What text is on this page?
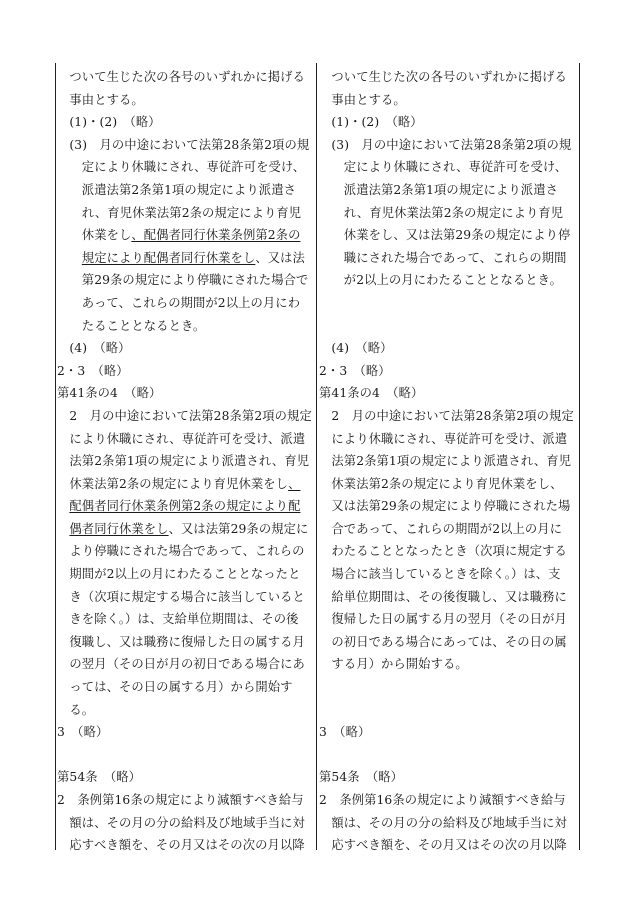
　ついて生じた次の各号のいずれかに掲げる
　事由とする。
　(1)・(2)　（略）
　(3)　月の中途において法第28条第2項の規
　　定により休職にされ、専従許可を受け、
　　派遣法第2条第1項の規定により派遣さ
　　れ、育児休業法第2条の規定により育児
　　休業をし、配偶者同行休業条例第2条の
　　規定により配偶者同行休業をし、又は法
　　第29条の規定により停職にされた場合で
　　あって、これらの期間が2以上の月にわ
　　たることとなるとき。
　(4)　（略）
2・3　（略）
第41条の4　（略）
　2　月の中途において法第28条第2項の規定
　により休職にされ、専従許可を受け、派遣
　法第2条第1項の規定により派遣され、育児
　休業法第2条の規定により育児休業をし、
　配偶者同行休業条例第2条の規定により配
　偶者同行休業をし、又は法第29条の規定に
　より停職にされた場合であって、これらの
　期間が2以上の月にわたることとなったと
　き（次項に規定する場合に該当していると
　きを除く。）は、支給単位期間は、その後
　復職し、又は職務に復帰した日の属する月
　の翌月（その日が月の初日である場合にあ
　っては、その日の属する月）から開始す
　る。
3　（略）
第54条　（略）
2　条例第16条の規定により減額すべき給与
　額は、その月の分の給料及び地域手当に対
　応すべき額を、その月又はその次の月以降
　ついて生じた次の各号のいずれかに掲げる
　事由とする。
　(1)・(2)　（略）
　(3)　月の中途において法第28条第2項の規
　　定により休職にされ、専従許可を受け、
　　派遣法第2条第1項の規定により派遣さ
　　れ、育児休業法第2条の規定により育児
　　休業をし、又は法第29条の規定により停
　　職にされた場合であって、これらの期間
　　が2以上の月にわたることとなるとき。
　(4)　（略）
2・3　（略）
第41条の4　（略）
　2　月の中途において法第28条第2項の規定
　により休職にされ、専従許可を受け、派遣
　法第2条第1項の規定により派遣され、育児
　休業法第2条の規定により育児休業をし、
　又は法第29条の規定により停職にされた場
　合であって、これらの期間が2以上の月に
　わたることとなったとき（次項に規定する
　場合に該当しているときを除く。）は、支
　給単位期間は、その後復職し、又は職務に
　復帰した日の属する月の翌月（その日が月
　の初日である場合にあっては、その日の属
　する月）から開始する。
3　（略）
第54条　（略）
2　条例第16条の規定により減額すべき給与
　額は、その月の分の給料及び地域手当に対
　応すべき額を、その月又はその次の月以降
